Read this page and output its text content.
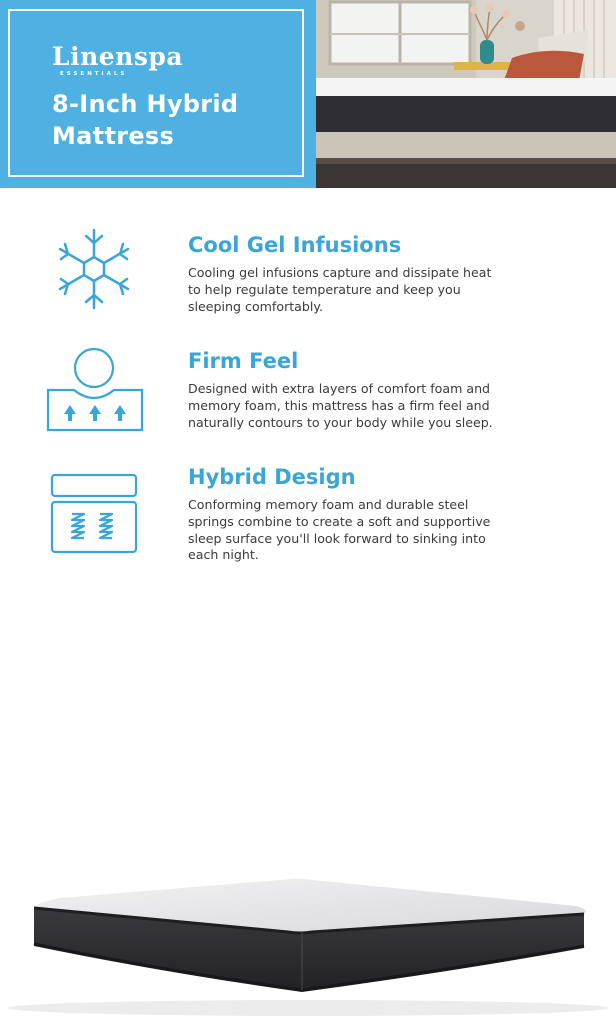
Linenspa
ESSENTIALS
8-Inch Hybrid
Mattress
Cool Gel Infusions

Cooling gel infusions capture and dissipate heat
to help regulate temperature and keep you
sleeping comfortably.

Firm Feel

Designed with extra layers of comfort foam and
memory foam, this mattress has a firm feel and
naturally contours to your body while you sleep.

Hybrid Design

Conforming memory foam and durable steel
springs combine to create a soft and supportive
sleep surface you'll look forward to sinking into
each night.
